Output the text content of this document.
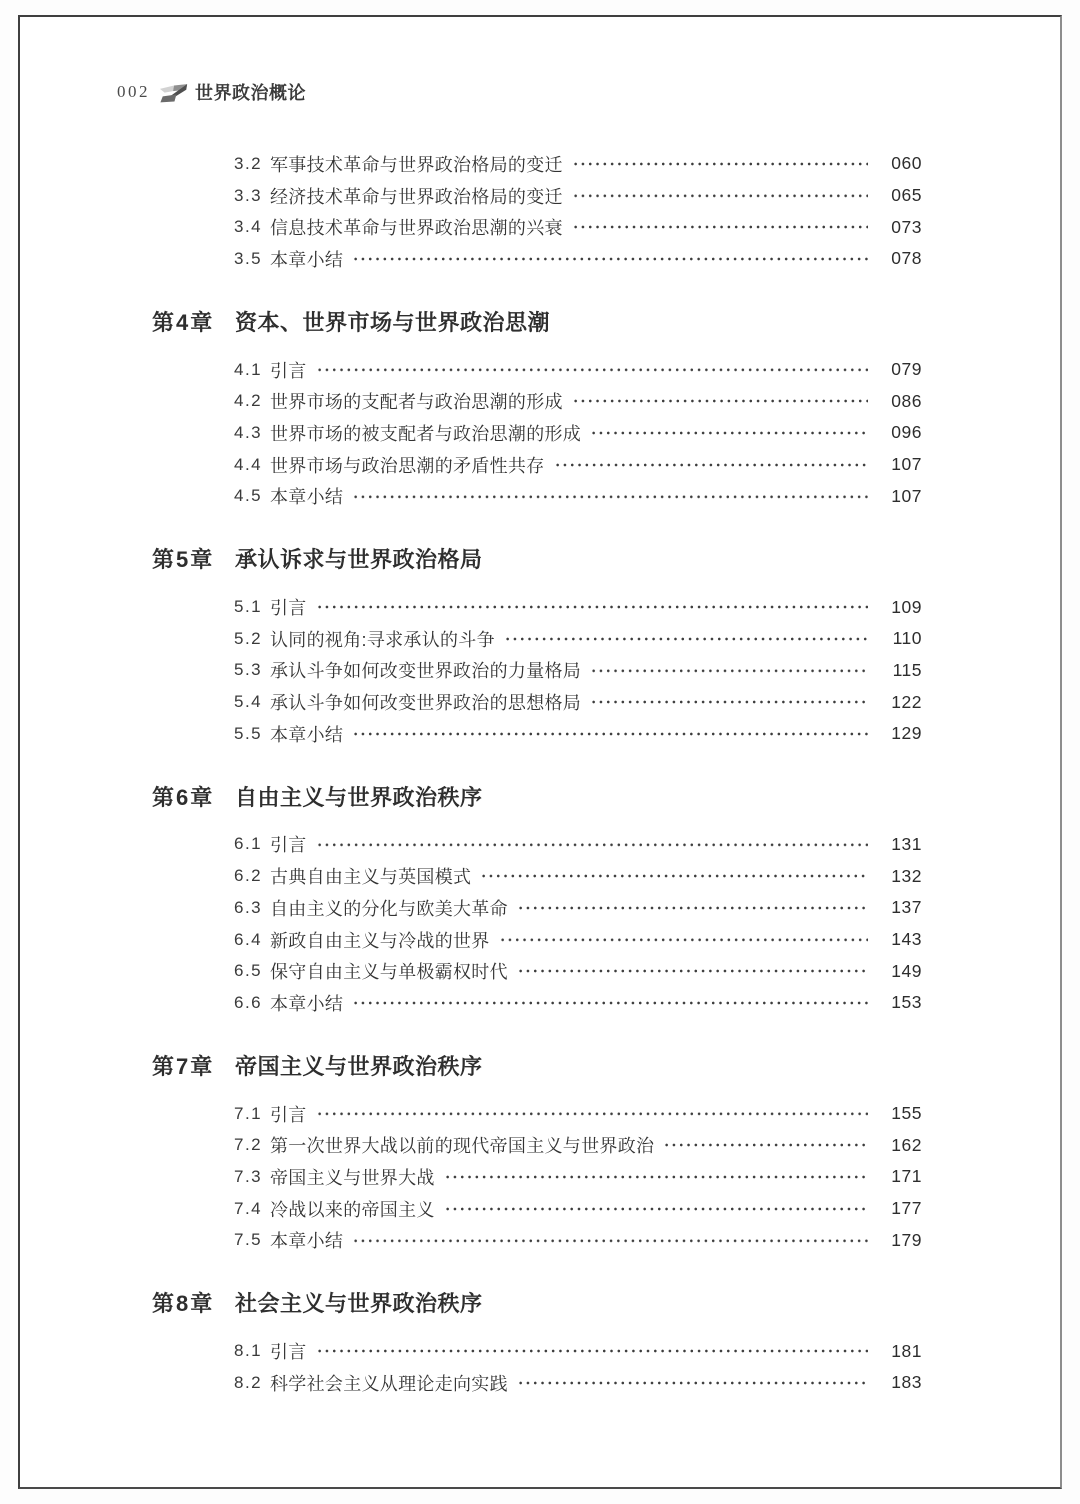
002	世界政治概论
3.2 军事技术革命与世界政治格局的变迁	060
3.3 经济技术革命与世界政治格局的变迁	065
3.4 信息技术革命与世界政治思潮的兴衰	073
3.5 本章小结	078
第4章 资本、世界市场与世界政治思潮
4.1 引言	079
4.2 世界市场的支配者与政治思潮的形成	086
4.3 世界市场的被支配者与政治思潮的形成	096
4.4 世界市场与政治思潮的矛盾性共存	107
4.5 本章小结	107
第5章 承认诉求与世界政治格局
5.1 引言	109
5.2 认同的视角:寻求承认的斗争	110
5.3 承认斗争如何改变世界政治的力量格局	115
5.4 承认斗争如何改变世界政治的思想格局	122
5.5 本章小结	129
第6章 自由主义与世界政治秩序
6.1 引言	131
6.2 古典自由主义与英国模式	132
6.3 自由主义的分化与欧美大革命	137
6.4 新政自由主义与冷战的世界	143
6.5 保守自由主义与单极霸权时代	149
6.6 本章小结	153
第7章 帝国主义与世界政治秩序
7.1 引言	155
7.2 第一次世界大战以前的现代帝国主义与世界政治	162
7.3 帝国主义与世界大战	171
7.4 冷战以来的帝国主义	177
7.5 本章小结	179
第8章 社会主义与世界政治秩序
8.1 引言	181
8.2 科学社会主义从理论走向实践	183
